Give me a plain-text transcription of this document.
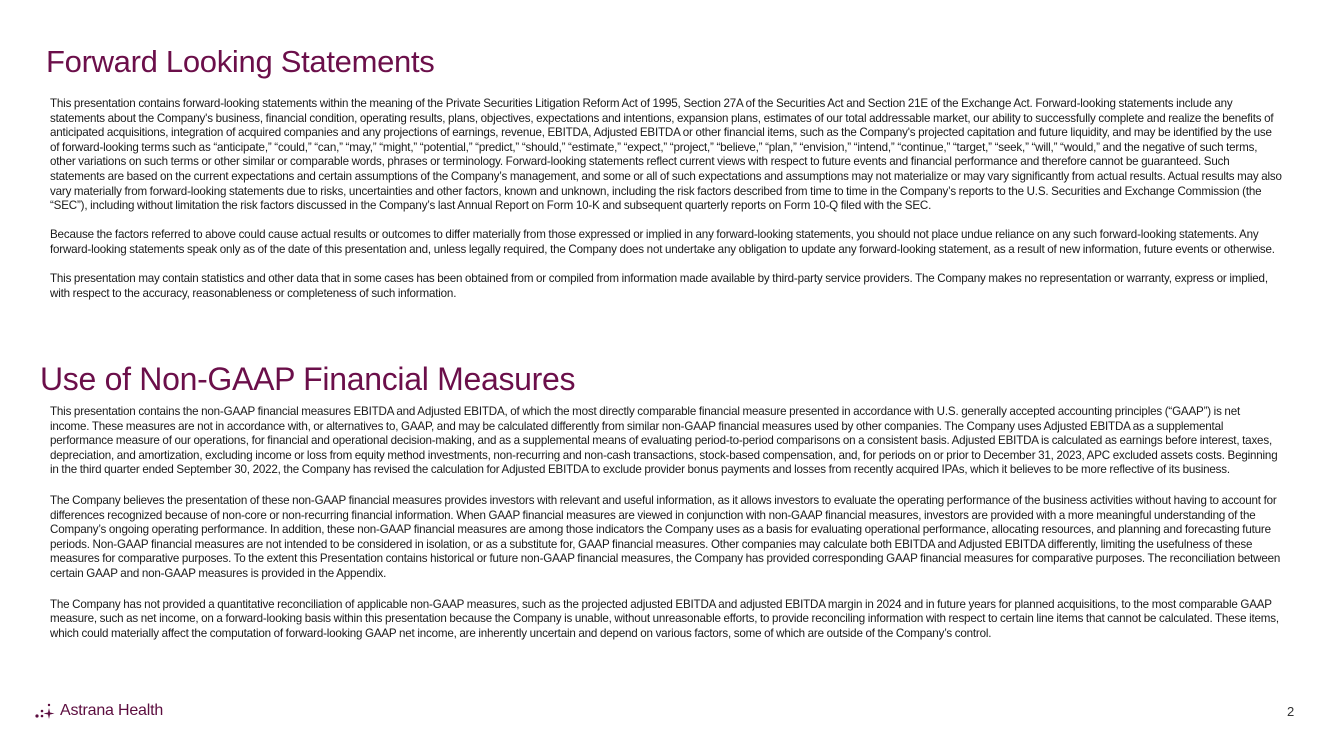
Forward Looking Statements

This presentation contains forward-looking statements within the meaning of the Private Securities Litigation Reform Act of 1995, Section 27A of the Securities Act and Section 21E of the Exchange Act. Forward-looking statements include any statements about the Company's business, financial condition, operating results, plans, objectives, expectations and intentions, expansion plans, estimates of our total addressable market, our ability to successfully complete and realize the benefits of anticipated acquisitions, integration of acquired companies and any projections of earnings, revenue, EBITDA, Adjusted EBITDA or other financial items, such as the Company's projected capitation and future liquidity, and may be identified by the use of forward-looking terms such as “anticipate,” “could,” “can,” “may,” “might,” “potential,” “predict,” “should,” “estimate,” “expect,” “project,” “believe,” “plan,” “envision,” “intend,” “continue,” “target,” “seek,” “will,” “would,” and the negative of such terms, other variations on such terms or other similar or comparable words, phrases or terminology. Forward-looking statements reflect current views with respect to future events and financial performance and therefore cannot be guaranteed. Such statements are based on the current expectations and certain assumptions of the Company’s management, and some or all of such expectations and assumptions may not materialize or may vary significantly from actual results. Actual results may also vary materially from forward-looking statements due to risks, uncertainties and other factors, known and unknown, including the risk factors described from time to time in the Company’s reports to the U.S. Securities and Exchange Commission (the “SEC”), including without limitation the risk factors discussed in the Company’s last Annual Report on Form 10-K and subsequent quarterly reports on Form 10-Q filed with the SEC.

Because the factors referred to above could cause actual results or outcomes to differ materially from those expressed or implied in any forward-looking statements, you should not place undue reliance on any such forward-looking statements. Any forward-looking statements speak only as of the date of this presentation and, unless legally required, the Company does not undertake any obligation to update any forward-looking statement, as a result of new information, future events or otherwise.

This presentation may contain statistics and other data that in some cases has been obtained from or compiled from information made available by third-party service providers. The Company makes no representation or warranty, express or implied, with respect to the accuracy, reasonableness or completeness of such information.

Use of Non-GAAP Financial Measures

This presentation contains the non-GAAP financial measures EBITDA and Adjusted EBITDA, of which the most directly comparable financial measure presented in accordance with U.S. generally accepted accounting principles (“GAAP”) is net income. These measures are not in accordance with, or alternatives to, GAAP, and may be calculated differently from similar non-GAAP financial measures used by other companies. The Company uses Adjusted EBITDA as a supplemental performance measure of our operations, for financial and operational decision-making, and as a supplemental means of evaluating period-to-period comparisons on a consistent basis. Adjusted EBITDA is calculated as earnings before interest, taxes, depreciation, and amortization, excluding income or loss from equity method investments, non-recurring and non-cash transactions, stock-based compensation, and, for periods on or prior to December 31, 2023, APC excluded assets costs. Beginning in the third quarter ended September 30, 2022, the Company has revised the calculation for Adjusted EBITDA to exclude provider bonus payments and losses from recently acquired IPAs, which it believes to be more reflective of its business.

The Company believes the presentation of these non-GAAP financial measures provides investors with relevant and useful information, as it allows investors to evaluate the operating performance of the business activities without having to account for differences recognized because of non-core or non-recurring financial information. When GAAP financial measures are viewed in conjunction with non-GAAP financial measures, investors are provided with a more meaningful understanding of the Company’s ongoing operating performance. In addition, these non-GAAP financial measures are among those indicators the Company uses as a basis for evaluating operational performance, allocating resources, and planning and forecasting future periods. Non-GAAP financial measures are not intended to be considered in isolation, or as a substitute for, GAAP financial measures. Other companies may calculate both EBITDA and Adjusted EBITDA differently, limiting the usefulness of these measures for comparative purposes. To the extent this Presentation contains historical or future non-GAAP financial measures, the Company has provided corresponding GAAP financial measures for comparative purposes. The reconciliation between certain GAAP and non-GAAP measures is provided in the Appendix.

The Company has not provided a quantitative reconciliation of applicable non-GAAP measures, such as the projected adjusted EBITDA and adjusted EBITDA margin in 2024 and in future years for planned acquisitions, to the most comparable GAAP measure, such as net income, on a forward-looking basis within this presentation because the Company is unable, without unreasonable efforts, to provide reconciling information with respect to certain line items that cannot be calculated. These items, which could materially affect the computation of forward-looking GAAP net income, are inherently uncertain and depend on various factors, some of which are outside of the Company’s control.

Astrana Health	2
